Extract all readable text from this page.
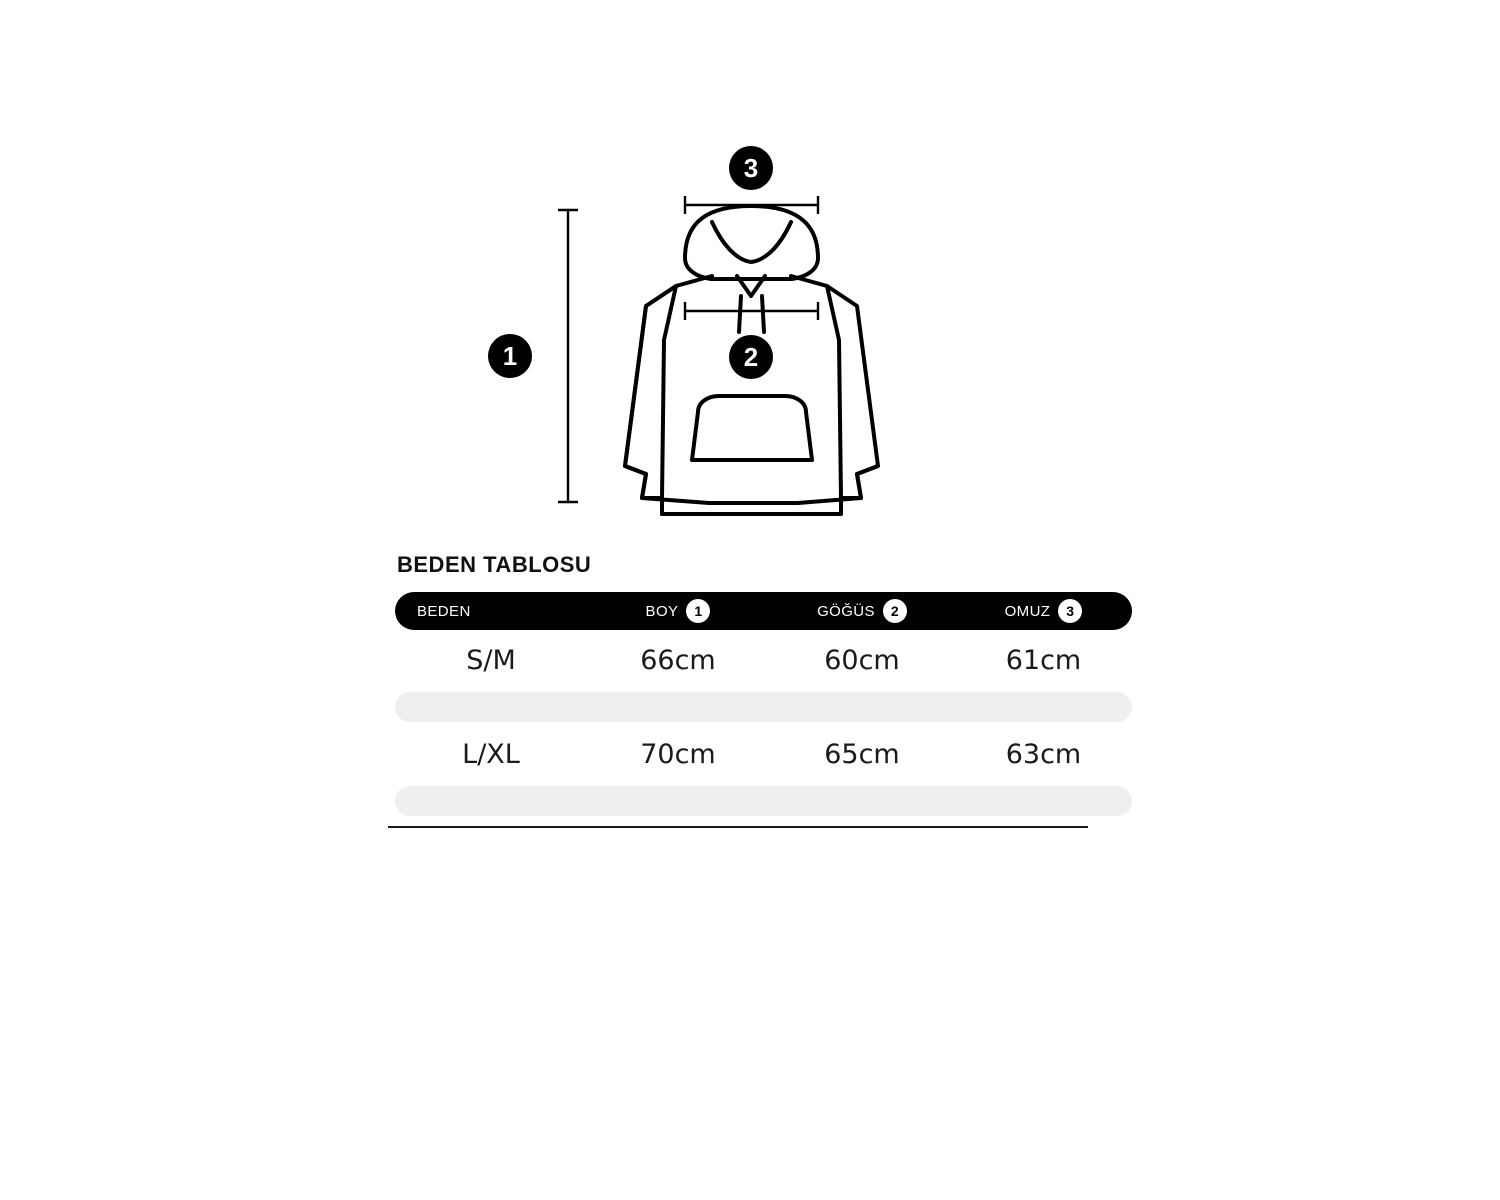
1	2
3
BEDEN TABLOSU
BEDEN	BOY 1	GÖĞÜS 2	OMUZ 3

S/M	66cm	60cm	61cm

L/XL	70cm	65cm	63cm
